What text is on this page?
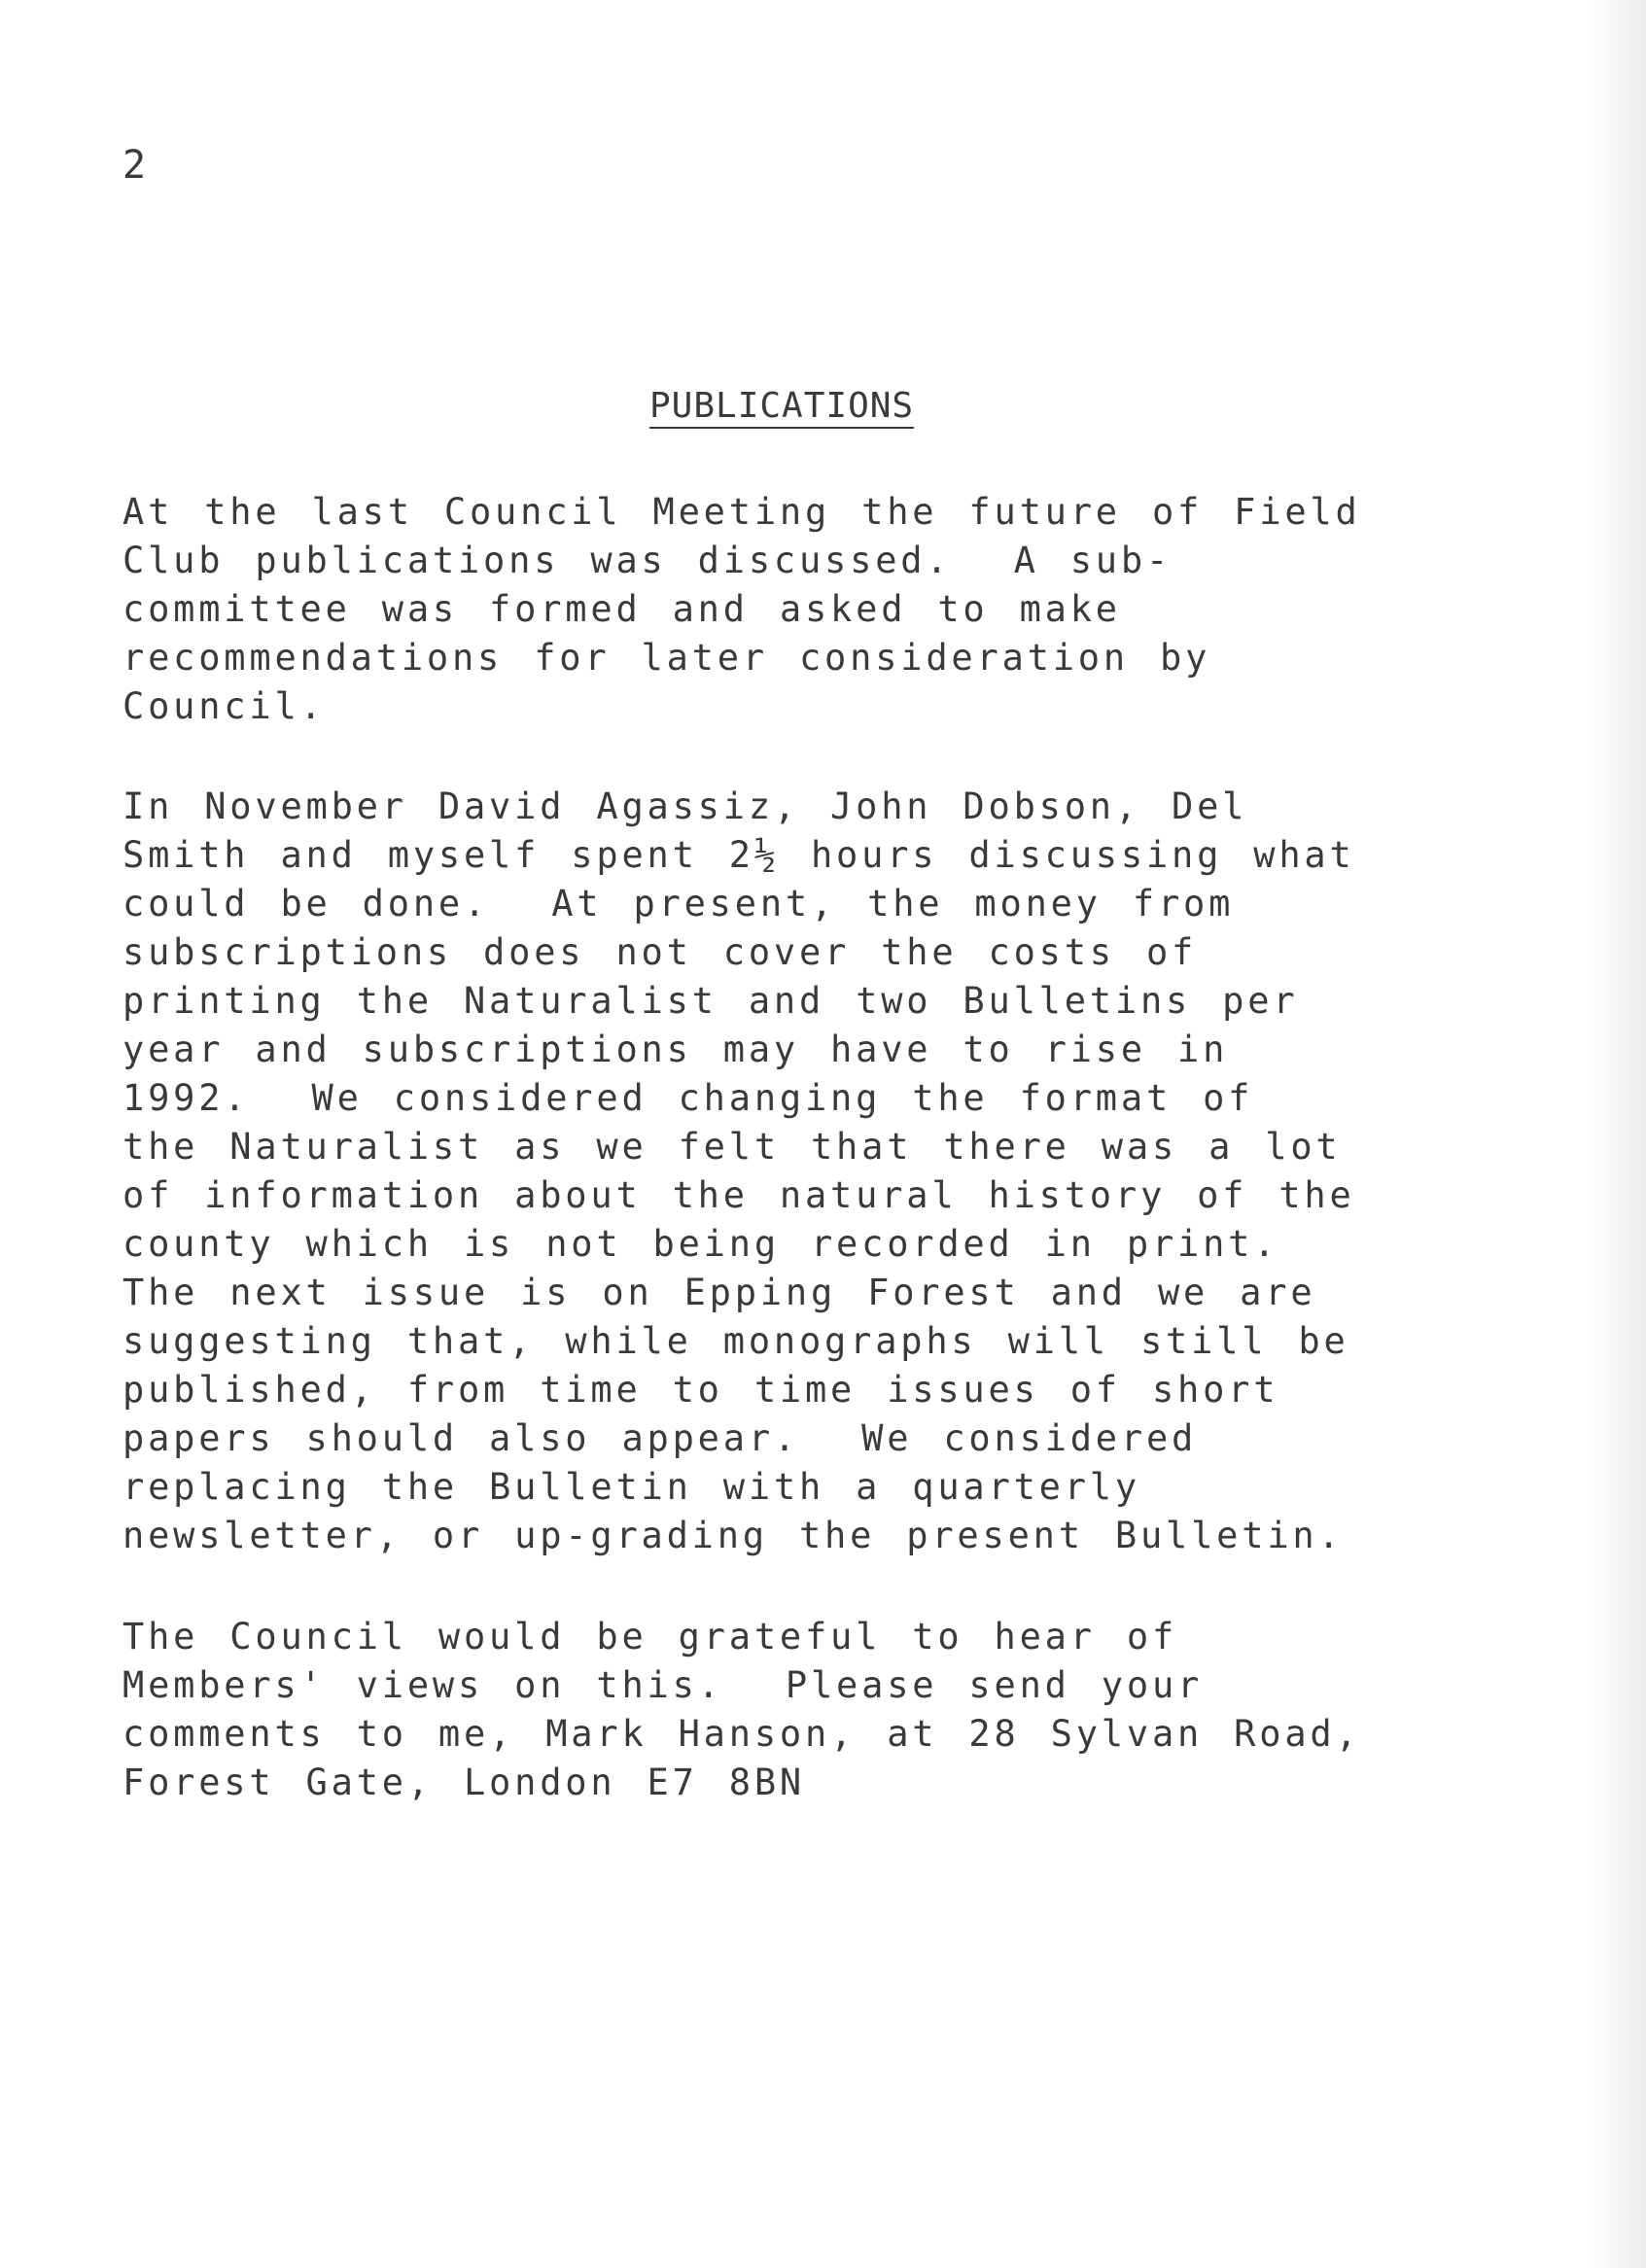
2
PUBLICATIONS
At the last Council Meeting the future of Field
Club publications was discussed.  A sub-
committee was formed and asked to make
recommendations for later consideration by
Council.
In November David Agassiz, John Dobson, Del
Smith and myself spent 2½ hours discussing what
could be done.  At present, the money from
subscriptions does not cover the costs of
printing the Naturalist and two Bulletins per
year and subscriptions may have to rise in
1992.  We considered changing the format of
the Naturalist as we felt that there was a lot
of information about the natural history of the
county which is not being recorded in print.
The next issue is on Epping Forest and we are
suggesting that, while monographs will still be
published, from time to time issues of short
papers should also appear.  We considered
replacing the Bulletin with a quarterly
newsletter, or up-grading the present Bulletin.
The Council would be grateful to hear of
Members' views on this.  Please send your
comments to me, Mark Hanson, at 28 Sylvan Road,
Forest Gate, London E7 8BN
